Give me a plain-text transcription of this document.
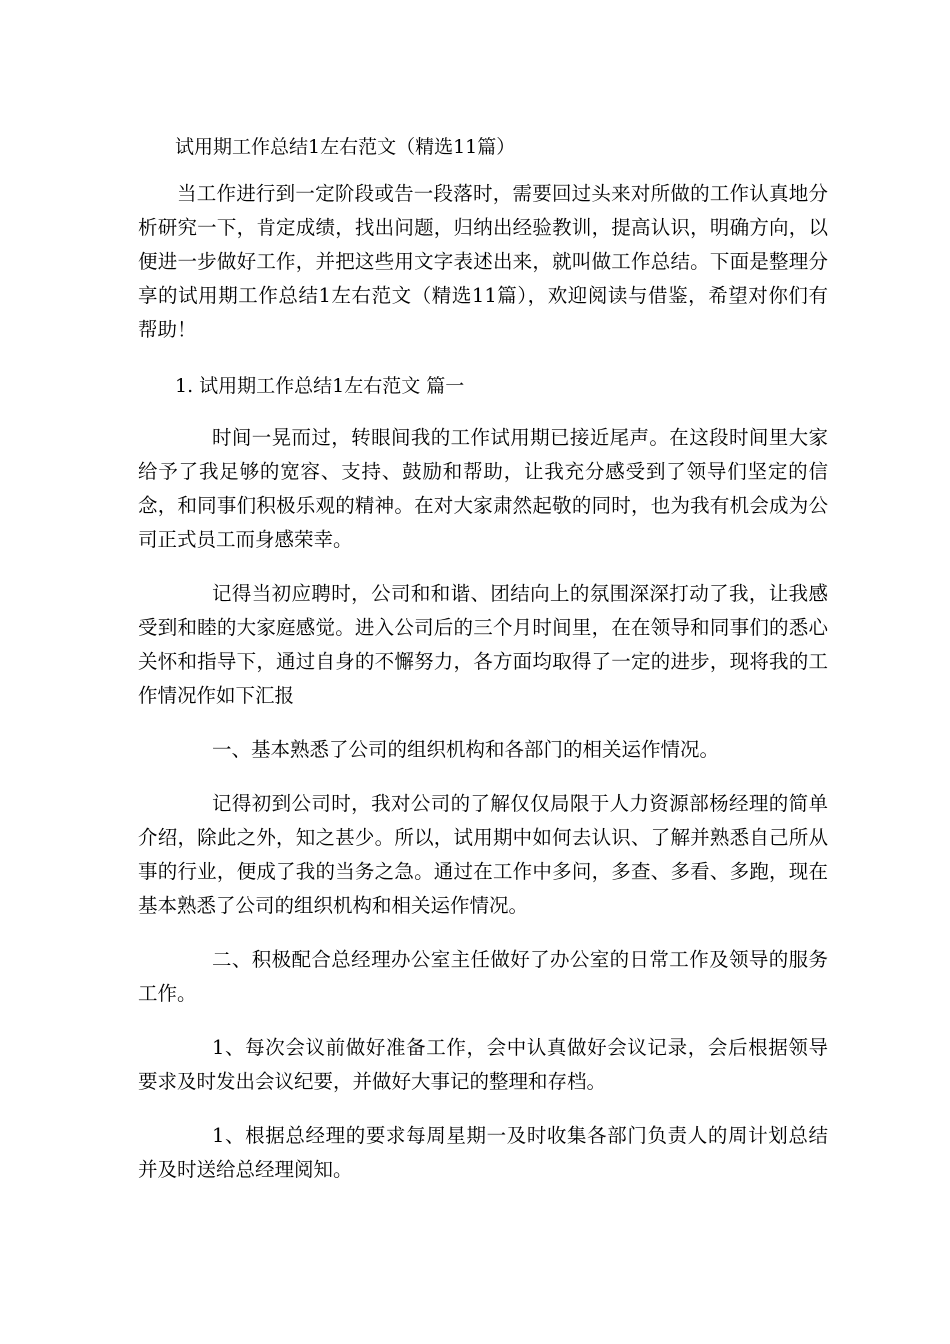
试用期工作总结1左右范文（精选11篇）

当工作进行到一定阶段或告一段落时，需要回过头来对所做的工作认真地分析研究一下，肯定成绩，找出问题，归纳出经验教训，提高认识，明确方向，以便进一步做好工作，并把这些用文字表述出来，就叫做工作总结。下面是整理分享的试用期工作总结1左右范文（精选11篇），欢迎阅读与借鉴，希望对你们有帮助！

1. 试用期工作总结1左右范文 篇一

时间一晃而过，转眼间我的工作试用期已接近尾声。在这段时间里大家给予了我足够的宽容、支持、鼓励和帮助，让我充分感受到了领导们坚定的信念，和同事们积极乐观的精神。在对大家肃然起敬的同时，也为我有机会成为公司正式员工而身感荣幸。

记得当初应聘时，公司和和谐、团结向上的氛围深深打动了我，让我感受到和睦的大家庭感觉。进入公司后的三个月时间里，在在领导和同事们的悉心关怀和指导下，通过自身的不懈努力，各方面均取得了一定的进步，现将我的工作情况作如下汇报

一、基本熟悉了公司的组织机构和各部门的相关运作情况。

记得初到公司时，我对公司的了解仅仅局限于人力资源部杨经理的简单介绍，除此之外，知之甚少。所以，试用期中如何去认识、了解并熟悉自己所从事的行业，便成了我的当务之急。通过在工作中多问，多查、多看、多跑，现在基本熟悉了公司的组织机构和相关运作情况。

二、积极配合总经理办公室主任做好了办公室的日常工作及领导的服务工作。

1、每次会议前做好准备工作，会中认真做好会议记录，会后根据领导要求及时发出会议纪要，并做好大事记的整理和存档。

1、根据总经理的要求每周星期一及时收集各部门负责人的周计划总结并及时送给总经理阅知。
